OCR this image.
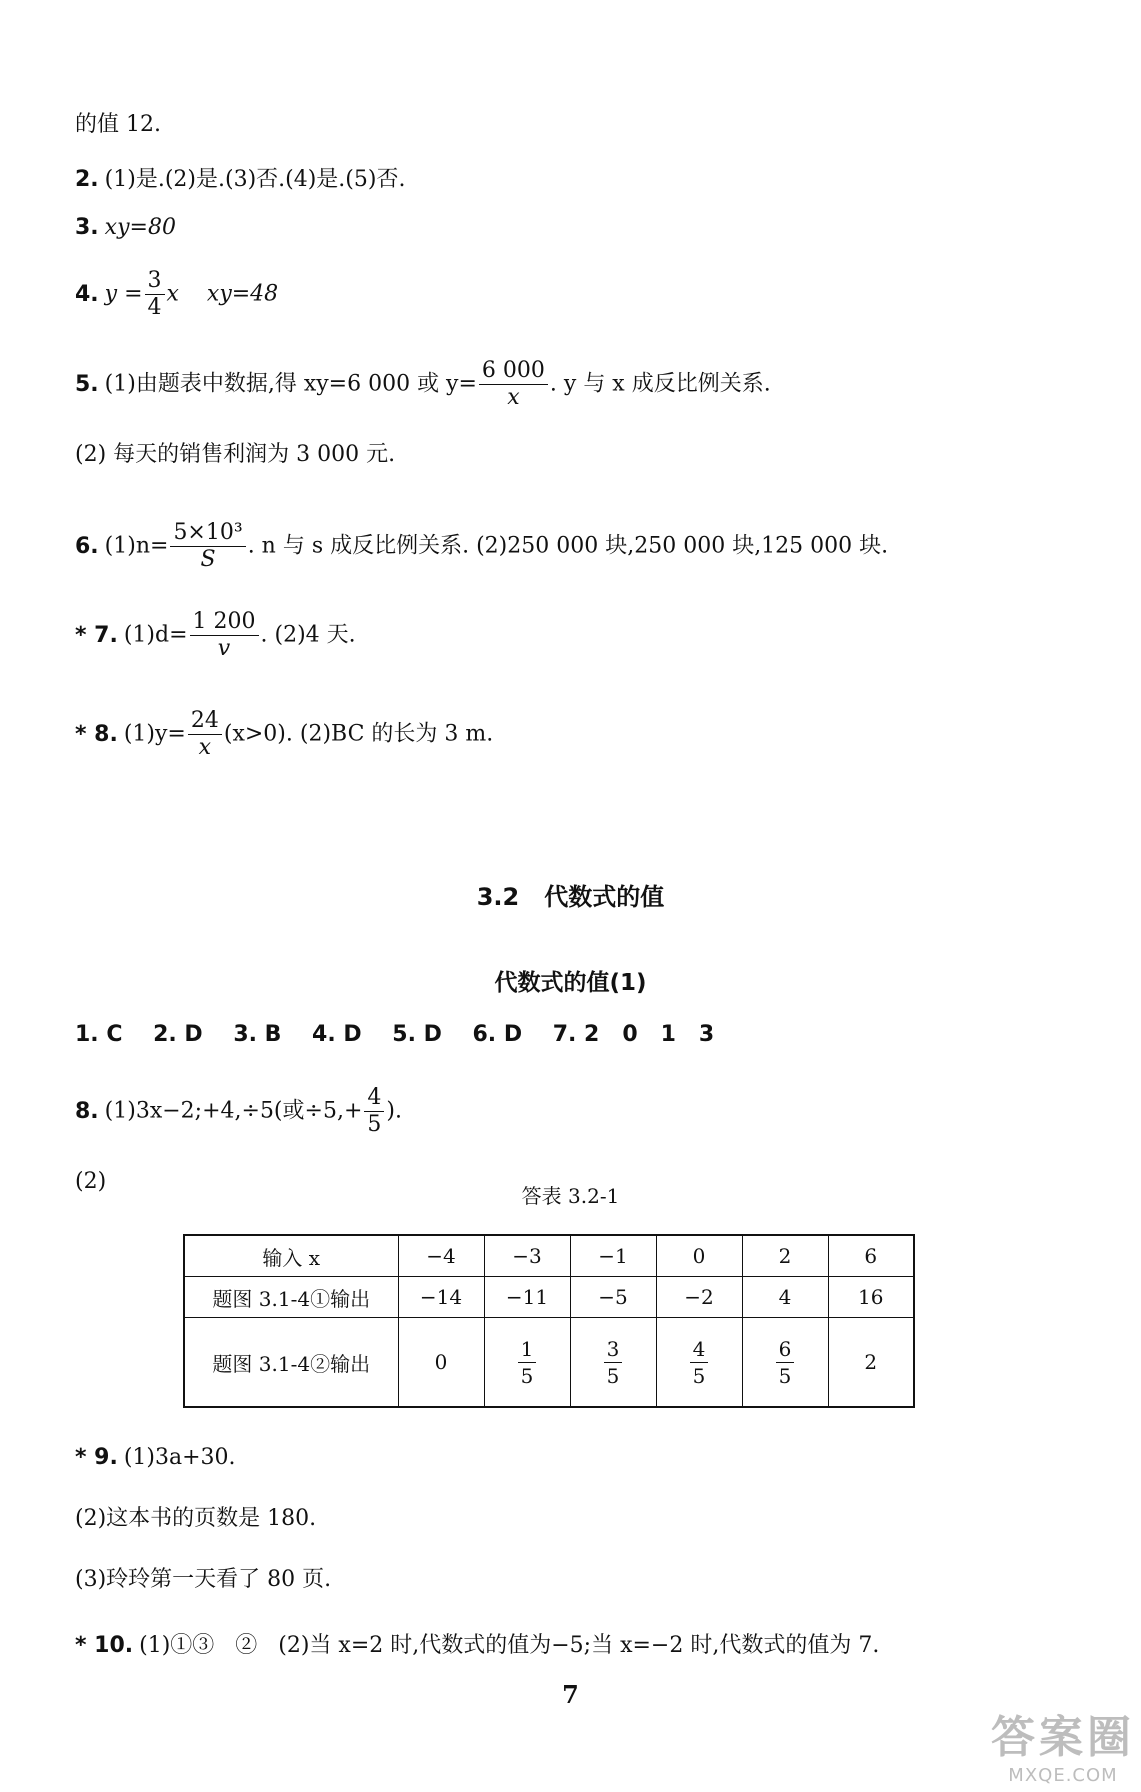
的值 12.
2. (1)是.(2)是.(3)否.(4)是.(5)否.
3. xy=80
4. $y = \frac{3}{4}$ x    xy=48
5. (1)由题表中数据,得 xy=6 000 或 $y= \frac{6 000}{x}$ . y 与 x 成反比例关系.
(2) 每天的销售利润为 3 000 元.
6. $(1)n= \frac{\text{5×10³}}{S}$ . n 与 s 成反比例关系. (2)250 000 块,250 000 块,125 000 块.
* 7. $(1)d= \frac{1 200}{v}$ . (2)4 天.
* 8. $(1)y= \frac{24}{x} (x>0)$. (2)BC 的长为 3 m.
3.2   代数式的值
代数式的值(1)
1. C    2. D    3. B    4. D    5. D    6. D    7. 2   0   1   3
8. (1)3x−2;+4,÷5(或$\div 5,+ \frac{4}{5}$ ).
(2)
答表 3.2-1
输入 x	−4	−3	−1	0	2	6
题图 3.1-4①输出	−14	−11	−5	−2	4	16
题图 3.1-4②输出	0	$\frac{1}{5}$	$\frac{3}{5}$	$\frac{4}{5}$	$\frac{6}{5}$	2
* 9. (1)3a+30.
(2)这本书的页数是 180.
(3)玲玲第一天看了 80 页.
* 10. (1)①③   ②   (2)当 x=2 时,代数式的值为−5;当 x=−2 时,代数式的值为 7.
7
答案圈
MXQE.COM
